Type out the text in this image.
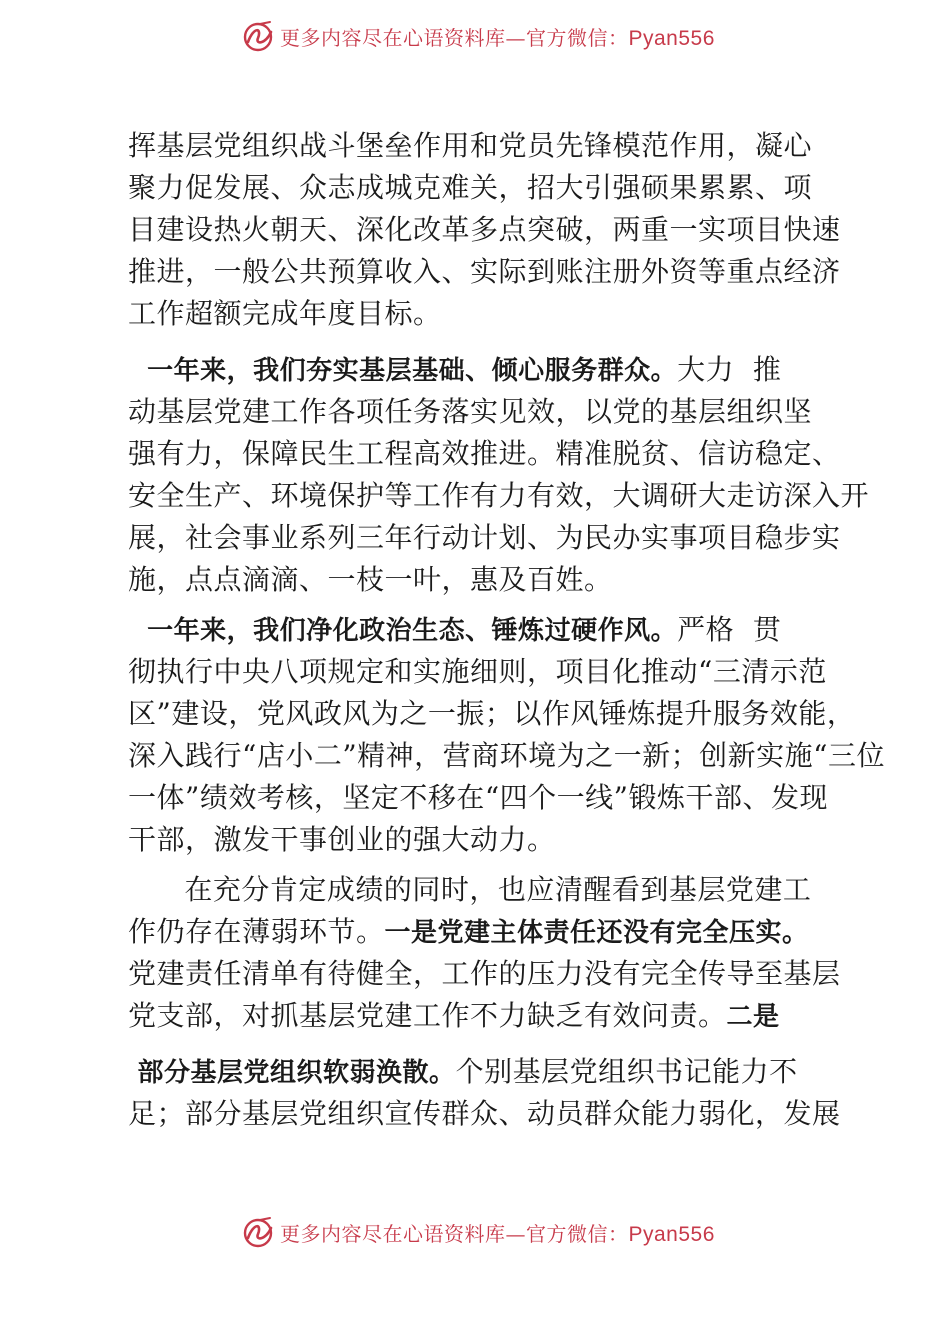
更多内容尽在心语资料库—官方微信：Pyan556
挥基层党组织战斗堡垒作用和党员先锋模范作用，凝心
聚力促发展、众志成城克难关，招大引强硕果累累、项
目建设热火朝天、深化改革多点突破，两重一实项目快速
推进，一般公共预算收入、实际到账注册外资等重点经济
工作超额完成年度目标。
一年来，我们夯实基层基础、倾心服务群众。大力  推
动基层党建工作各项任务落实见效，以党的基层组织坚
强有力，保障民生工程高效推进。精准脱贫、信访稳定、
安全生产、环境保护等工作有力有效，大调研大走访深入开
展，社会事业系列三年行动计划、为民办实事项目稳步实
施，点点滴滴、一枝一叶，惠及百姓。
一年来，我们净化政治生态、锤炼过硬作风。严格  贯
彻执行中央八项规定和实施细则，项目化推动“三清示范
区”建设，党风政风为之一振；以作风锤炼提升服务效能，
深入践行“店小二”精神，营商环境为之一新；创新实施“三位
一体”绩效考核，坚定不移在“四个一线”锻炼干部、发现
干部，激发干事创业的强大动力。
在充分肯定成绩的同时，也应清醒看到基层党建工
作仍存在薄弱环节。一是党建主体责任还没有完全压实。
党建责任清单有待健全，工作的压力没有完全传导至基层
党支部，对抓基层党建工作不力缺乏有效问责。二是
部分基层党组织软弱涣散。个别基层党组织书记能力不
足；部分基层党组织宣传群众、动员群众能力弱化，发展
更多内容尽在心语资料库—官方微信：Pyan556
